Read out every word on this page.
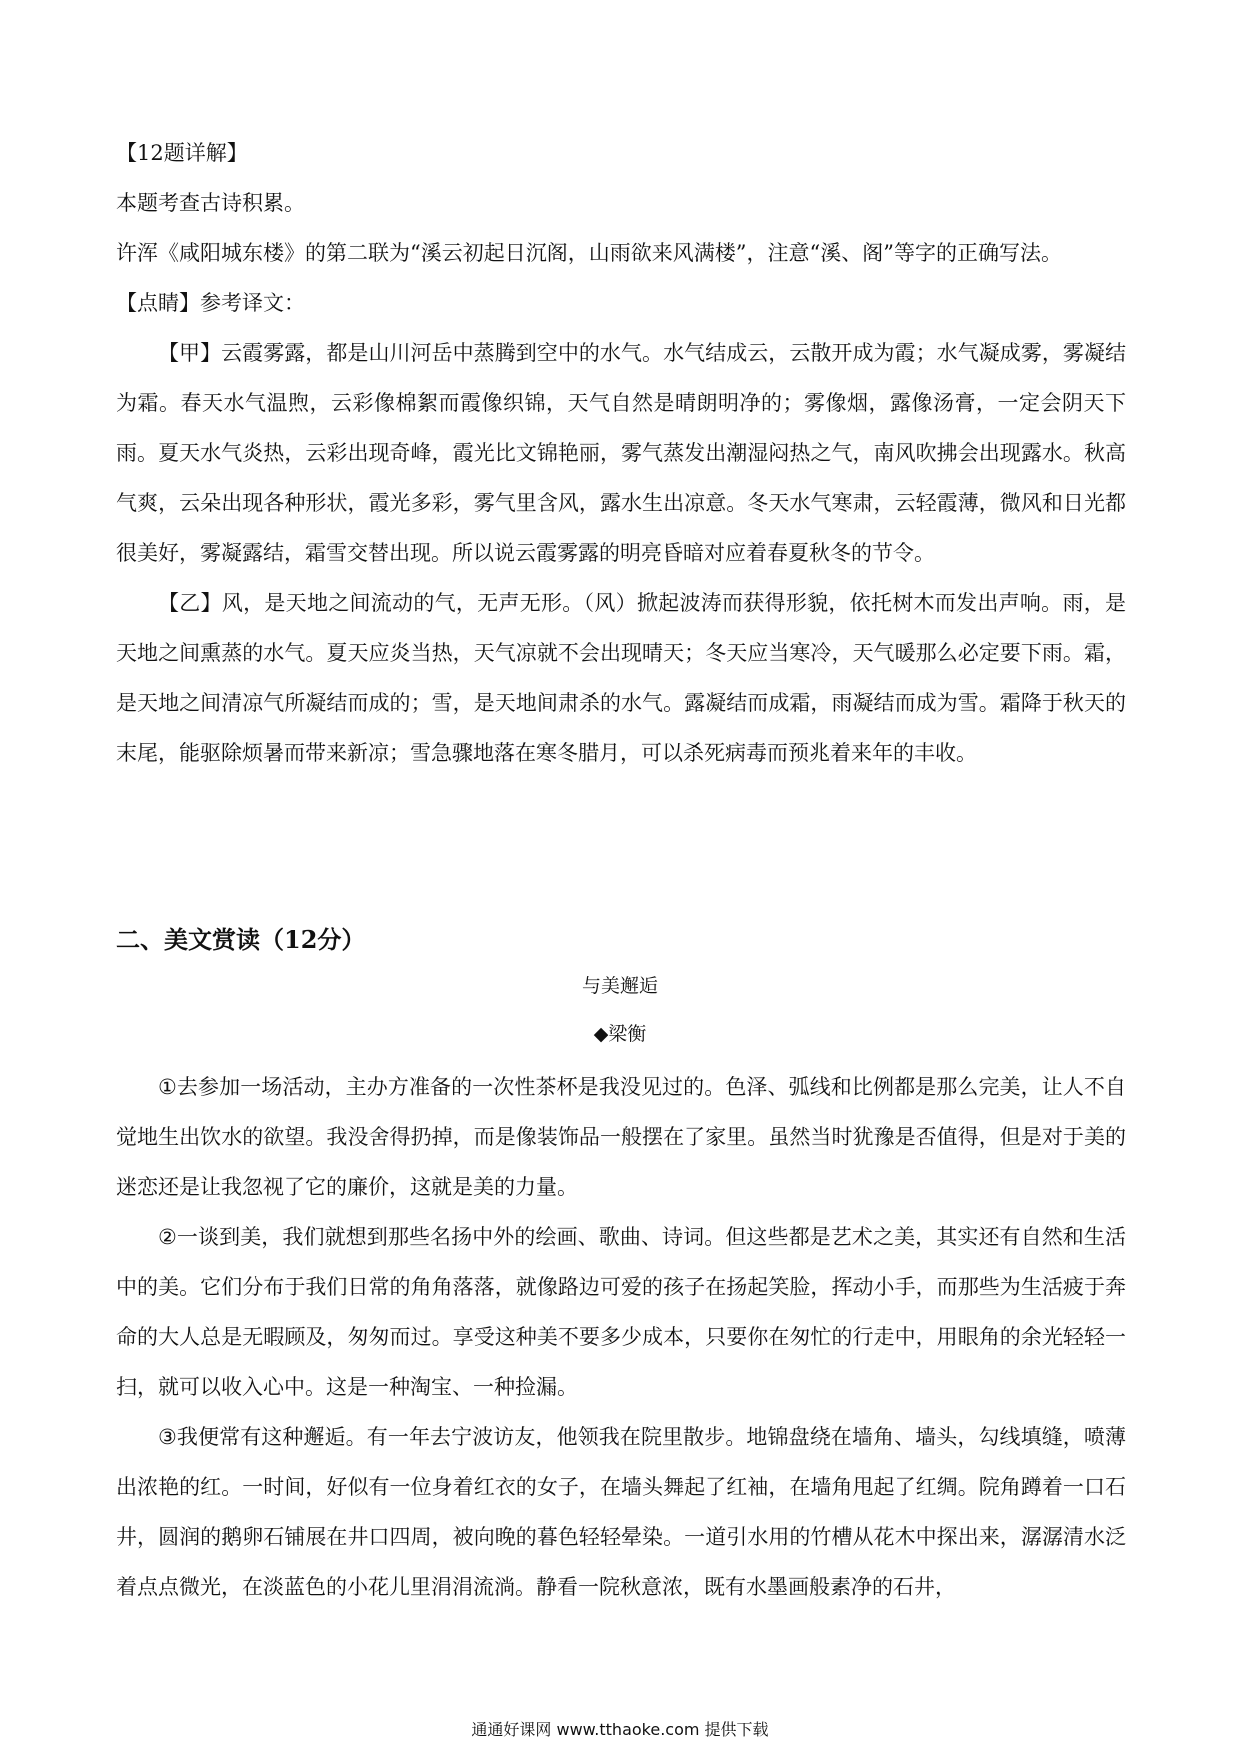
【12题详解】

本题考查古诗积累。

许浑《咸阳城东楼》的第二联为“溪云初起日沉阁，山雨欲来风满楼”，注意“溪、阁”等字的正确写法。

【点睛】参考译文：

【甲】云霞雾露，都是山川河岳中蒸腾到空中的水气。水气结成云，云散开成为霞；水气凝成雾，雾凝结为霜。春天水气温煦，云彩像棉絮而霞像织锦，天气自然是晴朗明净的；雾像烟，露像汤膏，一定会阴天下雨。夏天水气炎热，云彩出现奇峰，霞光比文锦艳丽，雾气蒸发出潮湿闷热之气，南风吹拂会出现露水。秋高气爽，云朵出现各种形状，霞光多彩，雾气里含风，露水生出凉意。冬天水气寒肃，云轻霞薄，微风和日光都很美好，雾凝露结，霜雪交替出现。所以说云霞雾露的明亮昏暗对应着春夏秋冬的节令。

【乙】风，是天地之间流动的气，无声无形。（风）掀起波涛而获得形貌，依托树木而发出声响。雨，是天地之间熏蒸的水气。夏天应炎当热，天气凉就不会出现晴天；冬天应当寒冷，天气暖那么必定要下雨。霜，是天地之间清凉气所凝结而成的；雪，是天地间肃杀的水气。露凝结而成霜，雨凝结而成为雪。霜降于秋天的末尾，能驱除烦暑而带来新凉；雪急骤地落在寒冬腊月，可以杀死病毒而预兆着来年的丰收。

二、美文赏读（12分）

与美邂逅

◆梁衡

①去参加一场活动，主办方准备的一次性茶杯是我没见过的。色泽、弧线和比例都是那么完美，让人不自觉地生出饮水的欲望。我没舍得扔掉，而是像装饰品一般摆在了家里。虽然当时犹豫是否值得，但是对于美的迷恋还是让我忽视了它的廉价，这就是美的力量。

②一谈到美，我们就想到那些名扬中外的绘画、歌曲、诗词。但这些都是艺术之美，其实还有自然和生活中的美。它们分布于我们日常的角角落落，就像路边可爱的孩子在扬起笑脸，挥动小手，而那些为生活疲于奔命的大人总是无暇顾及，匆匆而过。享受这种美不要多少成本，只要你在匆忙的行走中，用眼角的余光轻轻一扫，就可以收入心中。这是一种淘宝、一种捡漏。

③我便常有这种邂逅。有一年去宁波访友，他领我在院里散步。地锦盘绕在墙角、墙头，勾线填缝，喷薄出浓艳的红。一时间，好似有一位身着红衣的女子，在墙头舞起了红袖，在墙角甩起了红绸。院角蹲着一口石井，圆润的鹅卵石铺展在井口四周，被向晚的暮色轻轻晕染。一道引水用的竹槽从花木中探出来，潺潺清水泛着点点微光，在淡蓝色的小花儿里涓涓流淌。静看一院秋意浓，既有水墨画般素净的石井，

通通好课网 www.tthaoke.com 提供下载
